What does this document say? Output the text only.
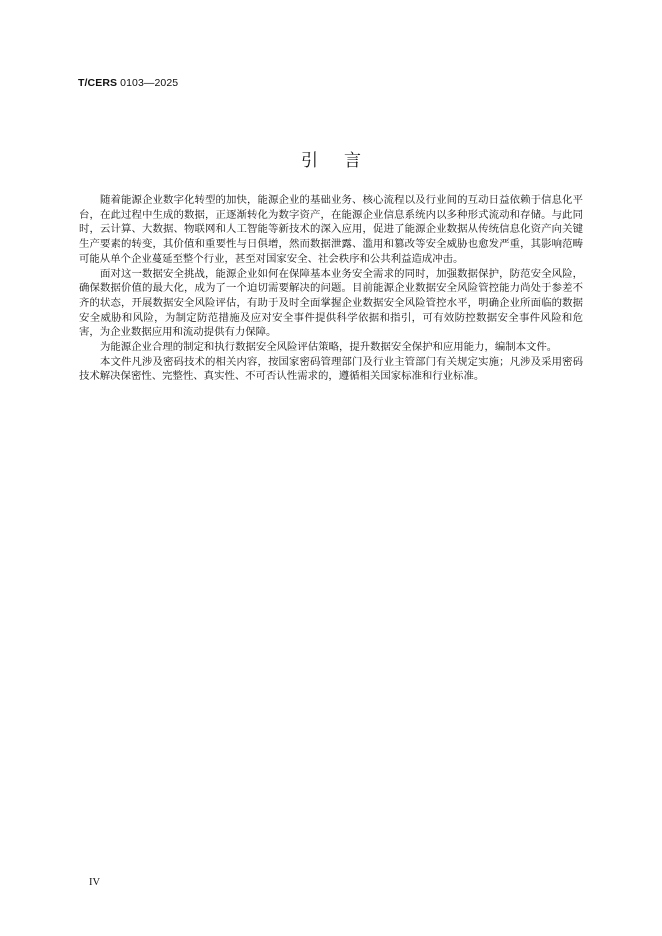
T/CERS 0103—2025
引言

随着能源企业数字化转型的加快，能源企业的基础业务、核心流程以及行业间的互动日益依赖于信息化平台，在此过程中生成的数据，正逐渐转化为数字资产，在能源企业信息系统内以多种形式流动和存储。与此同时，云计算、大数据、物联网和人工智能等新技术的深入应用，促进了能源企业数据从传统信息化资产向关键生产要素的转变，其价值和重要性与日俱增，然而数据泄露、滥用和篡改等安全威胁也愈发严重，其影响范畴可能从单个企业蔓延至整个行业，甚至对国家安全、社会秩序和公共利益造成冲击。

面对这一数据安全挑战，能源企业如何在保障基本业务安全需求的同时，加强数据保护，防范安全风险，确保数据价值的最大化，成为了一个迫切需要解决的问题。目前能源企业数据安全风险管控能力尚处于参差不齐的状态，开展数据安全风险评估，有助于及时全面掌握企业数据安全风险管控水平，明确企业所面临的数据安全威胁和风险，为制定防范措施及应对安全事件提供科学依据和指引，可有效防控数据安全事件风险和危害，为企业数据应用和流动提供有力保障。

为能源企业合理的制定和执行数据安全风险评估策略，提升数据安全保护和应用能力，编制本文件。

本文件凡涉及密码技术的相关内容，按国家密码管理部门及行业主管部门有关规定实施；凡涉及采用密码技术解决保密性、完整性、真实性、不可否认性需求的，遵循相关国家标准和行业标准。

IV
